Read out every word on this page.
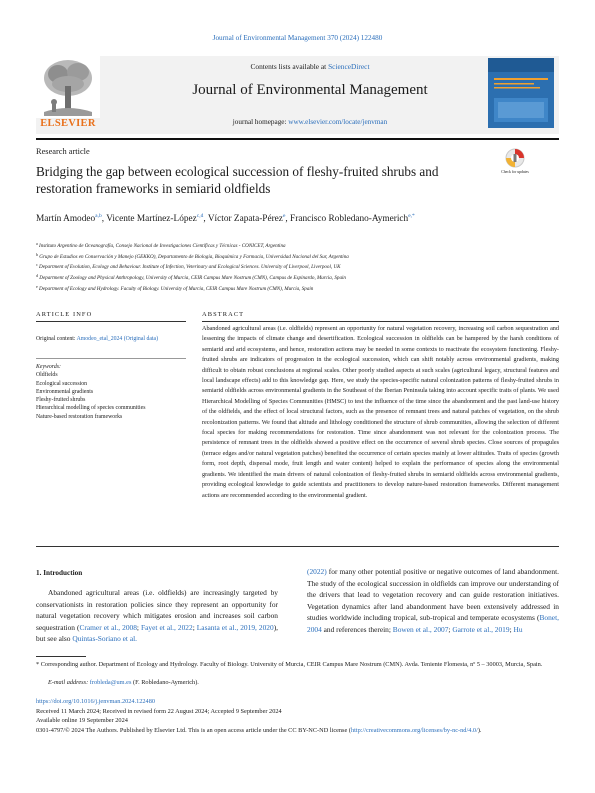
Journal of Environmental Management 370 (2024) 122480
ELSEVIER
Contents lists available at ScienceDirect
Journal of Environmental Management
journal homepage: www.elsevier.com/locate/jenvman
Research article
Bridging the gap between ecological succession of fleshy-fruited shrubs and restoration frameworks in semiarid oldfields
Check for updates
Martín Amodeo$^{a,b}$, Vicente Martínez-López$^{c,d}$, Víctor Zapata-Pérez$^e$, Francisco Robledano-Aymerich$^{e,*}$
$^a$ Instituto Argentino de Oceanografía, Consejo Nacional de Investigaciones Científicas y Técnicas - CONICET, Argentina
$^b$ Grupo de Estudios en Conservación y Manejo (GEKKO), Departamento de Biología, Bioquímica y Farmacia, Universidad Nacional del Sur, Argentina
$^c$ Department of Evolution, Ecology and Behaviour. Institute of Infection, Veterinary and Ecological Sciences. University of Liverpool, Liverpool, UK
$^d$ Department of Zoology and Physical Anthropology, University of Murcia, CEIR Campus Mare Nostrum (CMN), Campus de Espinardo, Murcia, Spain
$^e$ Department of Ecology and Hydrology. Faculty of Biology. University of Murcia, CEIR Campus Mare Nostrum (CMN), Murcia, Spain
ARTICLE INFO	ABSTRACT
Original content: Amodeo_etal_2024 (Original data)
Keywords:
Oldfields
Ecological succession
Environmental gradients
Fleshy-fruited shrubs
Hierarchical modelling of species communities
Nature-based restoration frameworks
Abandoned agricultural areas (i.e. oldfields) represent an opportunity for natural vegetation recovery, increasing soil carbon sequestration and lessening the impacts of climate change and desertification. Ecological succession in oldfields can be hampered by the harsh conditions of semiarid and arid ecosystems, and hence, restoration actions may be needed in some contexts to reactivate the ecosystem functioning. Fleshy-fruited shrubs are indicators of progression in the ecological succession, which can shift notably across environmental gradients, making difficult to obtain robust conclusions at regional scales. Other poorly studied aspects at such scales (agricultural legacy, structural features and local landscape effects) add to this knowledge gap. Here, we study the species-specific natural colonization patterns of fleshy-fruited shrubs in semiarid oldfields across environmental gradients in the Southeast of the Iberian Peninsula taking into account specific traits of plants. We used Hierarchical Modelling of Species Communities (HMSC) to test the influence of the time since the abandonment and the past land-use history of the oldfields, and the effect of local structural factors, such as the presence of remnant trees and natural patches of vegetation, on the shrub recolonization patterns. We found that altitude and lithology conditioned the structure of shrub communities, allowing the selection of different focal species for making recommendations for restoration. Time since abandonment was not relevant for the colonization process. The persistence of remnant trees in the oldfields showed a positive effect on the occurrence of several shrub species. Close sources of propagules (terrace edges and/or natural vegetation patches) benefited the occurrence of certain species mainly at lower altitudes. Traits of species (growth form, root depth, dispersal mode, fruit length and water content) helped to explain the performance of species along the environmental gradients. We identified the main drivers of natural colonization of fleshy-fruited shrubs in semiarid oldfields across environmental gradients, providing ecological knowledge to guide scientists and practitioners to develop nature-based restoration frameworks. Different management actions are recommended according to the environmental gradient.
1. Introduction
Abandoned agricultural areas (i.e. oldfields) are increasingly targeted by conservationists in restoration policies since they represent an opportunity for natural vegetation recovery which mitigates erosion and increases soil carbon sequestration (Cramer et al., 2008; Fayet et al., 2022; Lasanta et al., 2019, 2020), but see also Quintas-Soriano et al.
(2022) for many other potential positive or negative outcomes of land abandonment. The study of the ecological succession in oldfields can improve our understanding of the drivers that lead to vegetation recovery and can guide restoration initiatives. Vegetation dynamics after land abandonment have been extensively addressed in studies worldwide including tropical, sub-tropical and temperate ecosystems (Bonet, 2004 and references therein; Bowen et al., 2007; Garrote et al., 2019; Hu
* Corresponding author. Department of Ecology and Hydrology. Faculty of Biology. University of Murcia, CEIR Campus Mare Nostrum (CMN). Avda. Teniente Flomesta, nº 5 – 30003, Murcia, Spain.
E-mail address: frobleda@um.es (F. Robledano-Aymerich).
https://doi.org/10.1016/j.jenvman.2024.122480
Received 11 March 2024; Received in revised form 22 August 2024; Accepted 9 September 2024
Available online 19 September 2024
0301-4797/© 2024 The Authors. Published by Elsevier Ltd. This is an open access article under the CC BY-NC-ND license (http://creativecommons.org/licenses/by-nc-nd/4.0/).
